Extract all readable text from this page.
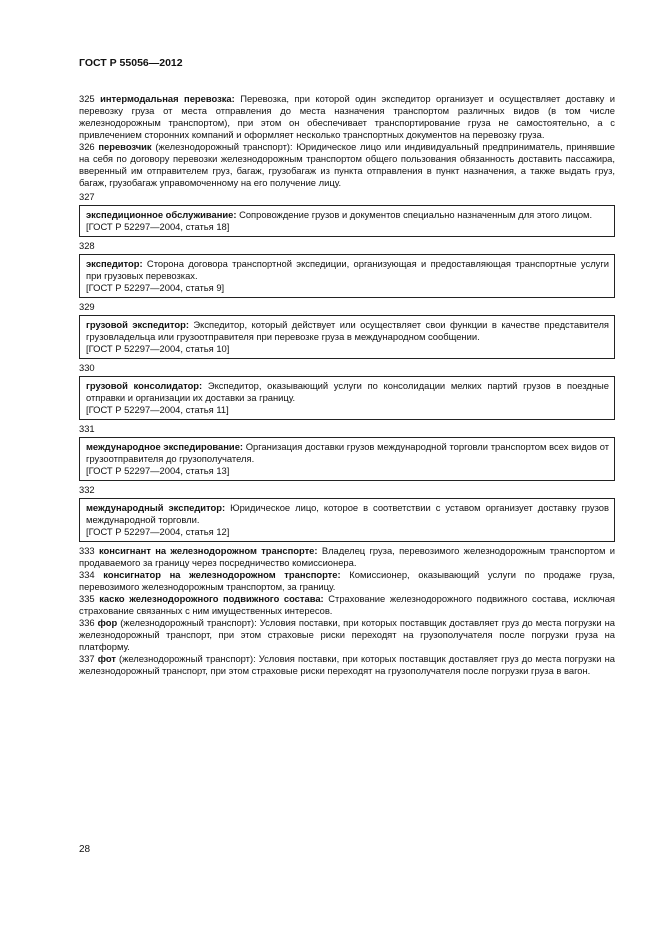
ГОСТ Р 55056—2012
325 интермодальная перевозка: Перевозка, при которой один экспедитор организует и осуществляет доставку и перевозку груза от места отправления до места назначения транспортом различных видов (в том числе железнодорожным транспортом), при этом он обеспечивает транспортирование груза не самостоятельно, а с привлечением сторонних компаний и оформляет несколько транспортных документов на перевозку груза.
326 перевозчик (железнодорожный транспорт): Юридическое лицо или индивидуальный предприниматель, принявшие на себя по договору перевозки железнодорожным транспортом общего пользования обязанность доставить пассажира, вверенный им отправителем груз, багаж, грузобагаж из пункта отправления в пункт назначения, а также выдать груз, багаж, грузобагаж управомоченному на его получение лицу.
327
экспедиционное обслуживание: Сопровождение грузов и документов специально назначенным для этого лицом.
[ГОСТ Р 52297—2004, статья 18]
328
экспедитор: Сторона договора транспортной экспедиции, организующая и предоставляющая транспортные услуги при грузовых перевозках.
[ГОСТ Р 52297—2004, статья 9]
329
грузовой экспедитор: Экспедитор, который действует или осуществляет свои функции в качестве представителя грузовладельца или грузоотправителя при перевозке груза в международном сообщении.
[ГОСТ Р 52297—2004, статья 10]
330
грузовой консолидатор: Экспедитор, оказывающий услуги по консолидации мелких партий грузов в поездные отправки и организации их доставки за границу.
[ГОСТ Р 52297—2004, статья 11]
331
международное экспедирование: Организация доставки грузов международной торговли транспортом всех видов от грузоотправителя до грузополучателя.
[ГОСТ Р 52297—2004, статья 13]
332
международный экспедитор: Юридическое лицо, которое в соответствии с уставом организует доставку грузов международной торговли.
[ГОСТ Р 52297—2004, статья 12]
333 консигнант на железнодорожном транспорте: Владелец груза, перевозимого железнодорожным транспортом и продаваемого за границу через посредничество комиссионера.
334 консигнатор на железнодорожном транспорте: Комиссионер, оказывающий услуги по продаже груза, перевозимого железнодорожным транспортом, за границу.
335 каско железнодорожного подвижного состава: Страхование железнодорожного подвижного состава, исключая страхование связанных с ним имущественных интересов.
336 фор (железнодорожный транспорт): Условия поставки, при которых поставщик доставляет груз до места погрузки на железнодорожный транспорт, при этом страховые риски переходят на грузополучателя после погрузки груза на платформу.
337 фот (железнодорожный транспорт): Условия поставки, при которых поставщик доставляет груз до места погрузки на железнодорожный транспорт, при этом страховые риски переходят на грузополучателя после погрузки груза в вагон.
28
